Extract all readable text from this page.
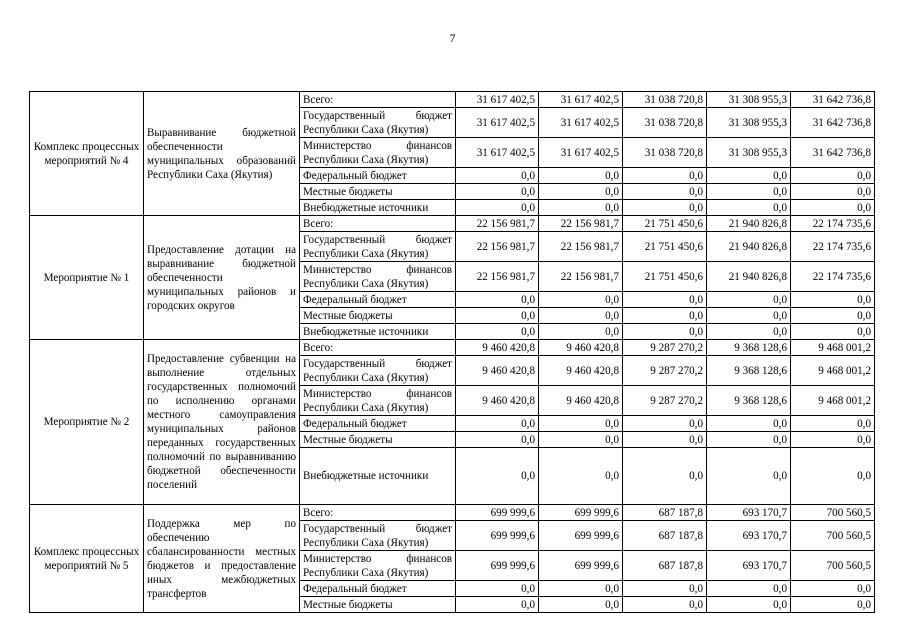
7
Комплекс процессных мероприятий № 4	Выравнивание бюджетной обеспеченности муниципальных образований Республики Саха (Якутия)	Всего:	31 617 402,5	31 617 402,5	31 038 720,8	31 308 955,3	31 642 736,8
		Государственный бюджет Республики Саха (Якутия)	31 617 402,5	31 617 402,5	31 038 720,8	31 308 955,3	31 642 736,8
		Министерство финансов Республики Саха (Якутия)	31 617 402,5	31 617 402,5	31 038 720,8	31 308 955,3	31 642 736,8
		Федеральный бюджет	0,0	0,0	0,0	0,0	0,0
		Местные бюджеты	0,0	0,0	0,0	0,0	0,0
		Внебюджетные источники	0,0	0,0	0,0	0,0	0,0
Мероприятие № 1	Предоставление дотации на выравнивание бюджетной обеспеченности муниципальных районов и городских округов	Всего:	22 156 981,7	22 156 981,7	21 751 450,6	21 940 826,8	22 174 735,6
		Государственный бюджет Республики Саха (Якутия)	22 156 981,7	22 156 981,7	21 751 450,6	21 940 826,8	22 174 735,6
		Министерство финансов Республики Саха (Якутия)	22 156 981,7	22 156 981,7	21 751 450,6	21 940 826,8	22 174 735,6
		Федеральный бюджет	0,0	0,0	0,0	0,0	0,0
		Местные бюджеты	0,0	0,0	0,0	0,0	0,0
		Внебюджетные источники	0,0	0,0	0,0	0,0	0,0
Мероприятие № 2	Предоставление субвенции на выполнение отдельных государственных полномочий по исполнению органами местного самоуправления муниципальных районов переданных государственных полномочий по выравниванию бюджетной обеспеченности поселений	Всего:	9 460 420,8	9 460 420,8	9 287 270,2	9 368 128,6	9 468 001,2
		Государственный бюджет Республики Саха (Якутия)	9 460 420,8	9 460 420,8	9 287 270,2	9 368 128,6	9 468 001,2
		Министерство финансов Республики Саха (Якутия)	9 460 420,8	9 460 420,8	9 287 270,2	9 368 128,6	9 468 001,2
		Федеральный бюджет	0,0	0,0	0,0	0,0	0,0
		Местные бюджеты	0,0	0,0	0,0	0,0	0,0
		Внебюджетные источники	0,0	0,0	0,0	0,0	0,0
Комплекс процессных мероприятий № 5	Поддержка мер по обеспечению сбалансированности местных бюджетов и предоставление иных межбюджетных трансфертов	Всего:	699 999,6	699 999,6	687 187,8	693 170,7	700 560,5
		Государственный бюджет Республики Саха (Якутия)	699 999,6	699 999,6	687 187,8	693 170,7	700 560,5
		Министерство финансов Республики Саха (Якутия)	699 999,6	699 999,6	687 187,8	693 170,7	700 560,5
		Федеральный бюджет	0,0	0,0	0,0	0,0	0,0
		Местные бюджеты	0,0	0,0	0,0	0,0	0,0
